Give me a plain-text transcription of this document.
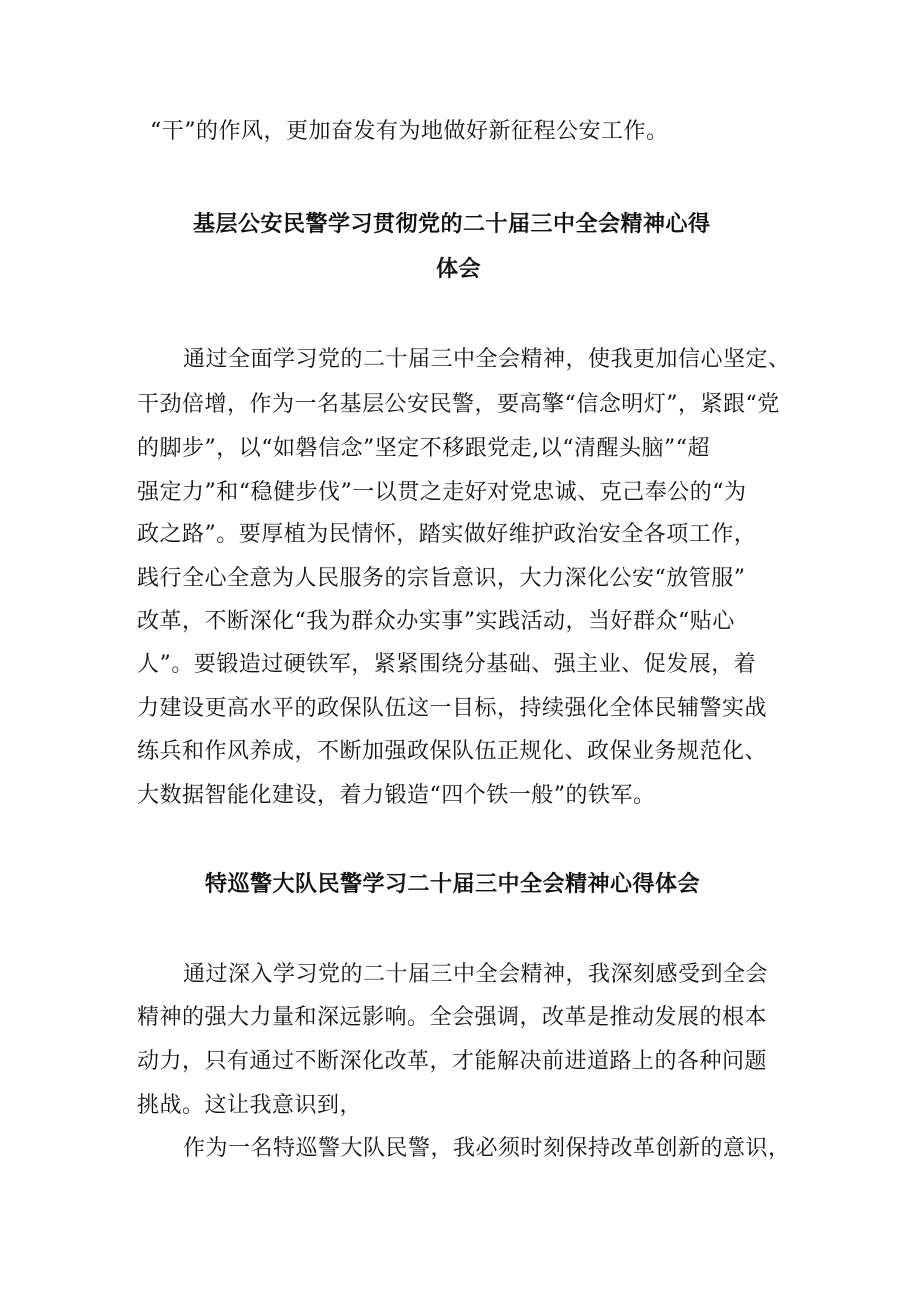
“干”的作风，更加奋发有为地做好新征程公安工作。
基层公安民警学习贯彻党的二十届三中全会精神心得
体会
通过全面学习党的二十届三中全会精神，使我更加信心坚定、
干劲倍增，作为一名基层公安民警，要高擎“信念明灯”，紧跟“党
的脚步”，以“如磐信念”坚定不移跟党走,以“清醒头脑”“超
强定力”和“稳健步伐”一以贯之走好对党忠诚、克己奉公的“为
政之路”。要厚植为民情怀，踏实做好维护政治安全各项工作，
践行全心全意为人民服务的宗旨意识，大力深化公安“放管服”
改革，不断深化“我为群众办实事”实践活动，当好群众“贴心
人”。要锻造过硬铁军，紧紧围绕分基础、强主业、促发展，着
力建设更高水平的政保队伍这一目标，持续强化全体民辅警实战
练兵和作风养成，不断加强政保队伍正规化、政保业务规范化、
大数据智能化建设，着力锻造“四个铁一般”的铁军。
特巡警大队民警学习二十届三中全会精神心得体会
通过深入学习党的二十届三中全会精神，我深刻感受到全会
精神的强大力量和深远影响。全会强调，改革是推动发展的根本
动力，只有通过不断深化改革，才能解决前进道路上的各种问题
挑战。这让我意识到，
作为一名特巡警大队民警，我必须时刻保持改革创新的意识，
